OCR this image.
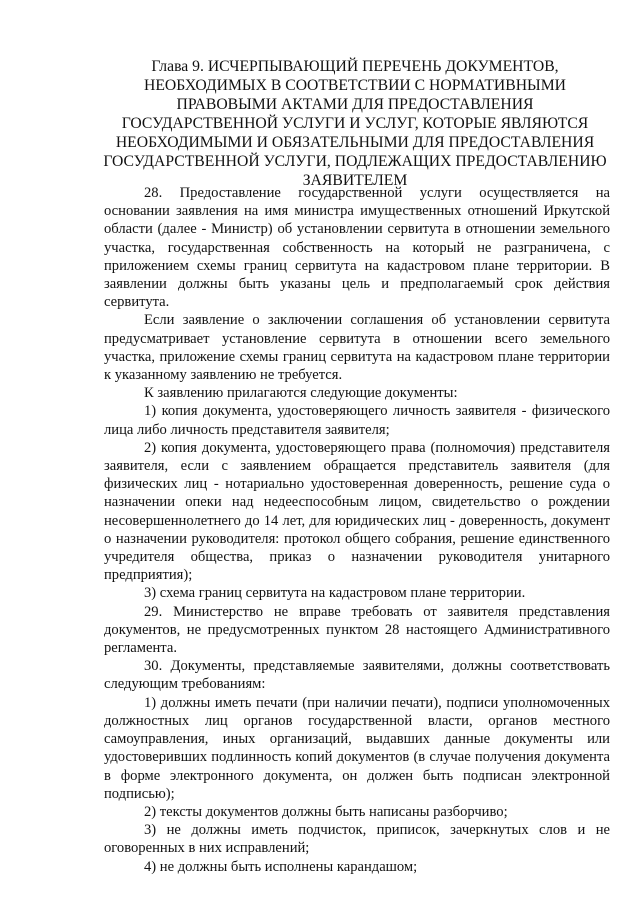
Глава 9. ИСЧЕРПЫВАЮЩИЙ ПЕРЕЧЕНЬ ДОКУМЕНТОВ, НЕОБХОДИМЫХ В СООТВЕТСТВИИ С НОРМАТИВНЫМИ ПРАВОВЫМИ АКТАМИ ДЛЯ ПРЕДОСТАВЛЕНИЯ ГОСУДАРСТВЕННОЙ УСЛУГИ И УСЛУГ, КОТОРЫЕ ЯВЛЯЮТСЯ НЕОБХОДИМЫМИ И ОБЯЗАТЕЛЬНЫМИ ДЛЯ ПРЕДОСТАВЛЕНИЯ ГОСУДАРСТВЕННОЙ УСЛУГИ, ПОДЛЕЖАЩИХ ПРЕДОСТАВЛЕНИЮ ЗАЯВИТЕЛЕМ

28. Предоставление государственной услуги осуществляется на основании заявления на имя министра имущественных отношений Иркутской области (далее - Министр) об установлении сервитута в отношении земельного участка, государственная собственность на который не разграничена, с приложением схемы границ сервитута на кадастровом плане территории. В заявлении должны быть указаны цель и предполагаемый срок действия сервитута.

Если заявление о заключении соглашения об установлении сервитута предусматривает установление сервитута в отношении всего земельного участка, приложение схемы границ сервитута на кадастровом плане территории к указанному заявлению не требуется.

К заявлению прилагаются следующие документы:

1) копия документа, удостоверяющего личность заявителя - физического лица либо личность представителя заявителя;

2) копия документа, удостоверяющего права (полномочия) представителя заявителя, если с заявлением обращается представитель заявителя (для физических лиц - нотариально удостоверенная доверенность, решение суда о назначении опеки над недееспособным лицом, свидетельство о рождении несовершеннолетнего до 14 лет, для юридических лиц - доверенность, документ о назначении руководителя: протокол общего собрания, решение единственного учредителя общества, приказ о назначении руководителя унитарного предприятия);

3) схема границ сервитута на кадастровом плане территории.

29. Министерство не вправе требовать от заявителя представления документов, не предусмотренных пунктом 28 настоящего Административного регламента.

30. Документы, представляемые заявителями, должны соответствовать следующим требованиям:

1) должны иметь печати (при наличии печати), подписи уполномоченных должностных лиц органов государственной власти, органов местного самоуправления, иных организаций, выдавших данные документы или удостоверивших подлинность копий документов (в случае получения документа в форме электронного документа, он должен быть подписан электронной подписью);

2) тексты документов должны быть написаны разборчиво;

3) не должны иметь подчисток, приписок, зачеркнутых слов и не оговоренных в них исправлений;

4) не должны быть исполнены карандашом;
